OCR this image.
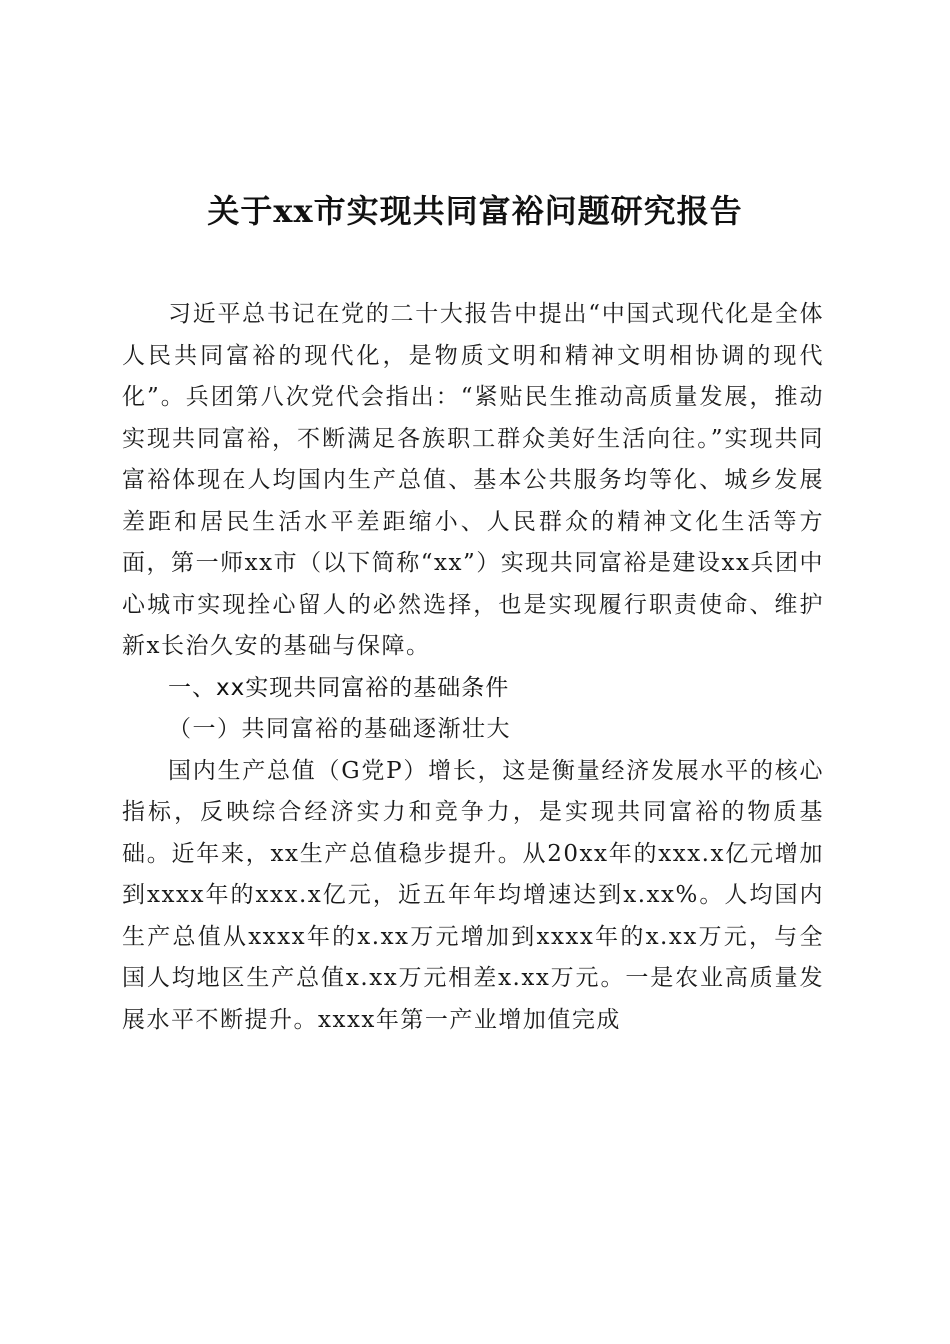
关于xx市实现共同富裕问题研究报告

习近平总书记在党的二十大报告中提出“中国式现代化是全体人民共同富裕的现代化，是物质文明和精神文明相协调的现代化”。兵团第八次党代会指出：“紧贴民生推动高质量发展，推动实现共同富裕，不断满足各族职工群众美好生活向往。”实现共同富裕体现在人均国内生产总值、基本公共服务均等化、城乡发展差距和居民生活水平差距缩小、人民群众的精神文化生活等方面，第一师xx市（以下简称“xx”）实现共同富裕是建设xx兵团中心城市实现拴心留人的必然选择，也是实现履行职责使命、维护新x长治久安的基础与保障。

一、xx实现共同富裕的基础条件

（一）共同富裕的基础逐渐壮大

国内生产总值（G党P）增长，这是衡量经济发展水平的核心指标，反映综合经济实力和竞争力，是实现共同富裕的物质基础。近年来，xx生产总值稳步提升。从20xx年的xxx.x亿元增加到xxxx年的xxx.x亿元，近五年年均增速达到x.xx%。人均国内生产总值从xxxx年的x.xx万元增加到xxxx年的x.xx万元，与全国人均地区生产总值x.xx万元相差x.xx万元。一是农业高质量发展水平不断提升。xxxx年第一产业增加值完成
